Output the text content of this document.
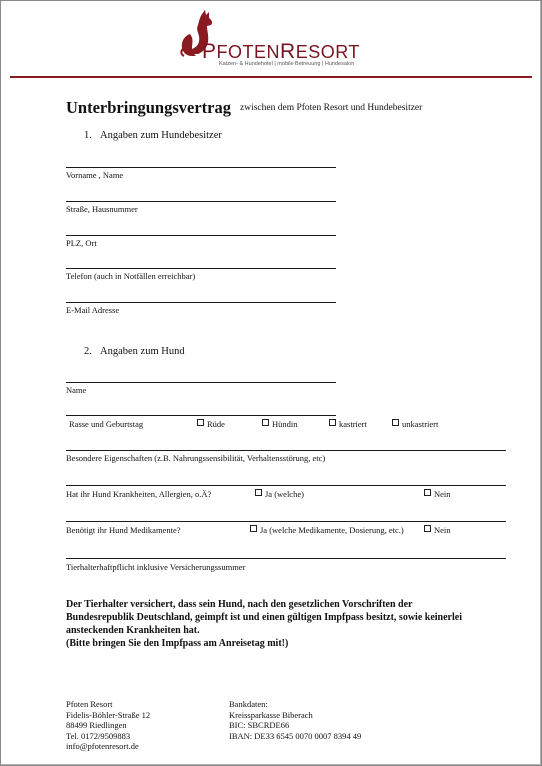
PFOTENRESORT
Katzen- & Hundehotel | mobile Betreuung | Hundesalon
Unterbringungsvertrag zwischen dem Pfoten Resort und Hundebesitzer
1. Angaben zum Hundebesitzer
Vorname , Name
Straße, Hausnummer
PLZ, Ort
Telefon (auch in Notfällen erreichbar)
E-Mail Adresse
2. Angaben zum Hund
Name
Rasse und Geburtstag	Rüde	Hündin	kastriert	unkastriert
Besondere Eigenschaften (z.B. Nahrungssensibilität, Verhaltensstörung, etc)
Hat ihr Hund Krankheiten, Allergien, o.Ä?	Ja (welche)	Nein
Benötigt ihr Hund Medikamente?	Ja (welche Medikamente, Dosierung, etc.)	Nein
Tierhalterhaftpflicht inklusive Versicherungssummer
Der Tierhalter versichert, dass sein Hund, nach den gesetzlichen Vorschriften der Bundesrepublik Deutschland, geimpft ist und einen gültigen Impfpass besitzt, sowie keinerlei ansteckenden Krankheiten hat.
(Bitte bringen Sie den Impfpass am Anreisetag mit!)
Pfoten Resort
Fidelis-Böhler-Straße 12
88499 Riedlingen
Tel. 0172/9509883
info@pfotenresort.de
Bankdaten:
Kreissparkasse Biberach
BIC: SBCRDE66
IBAN: DE33 6545 0070 0007 8394 49
